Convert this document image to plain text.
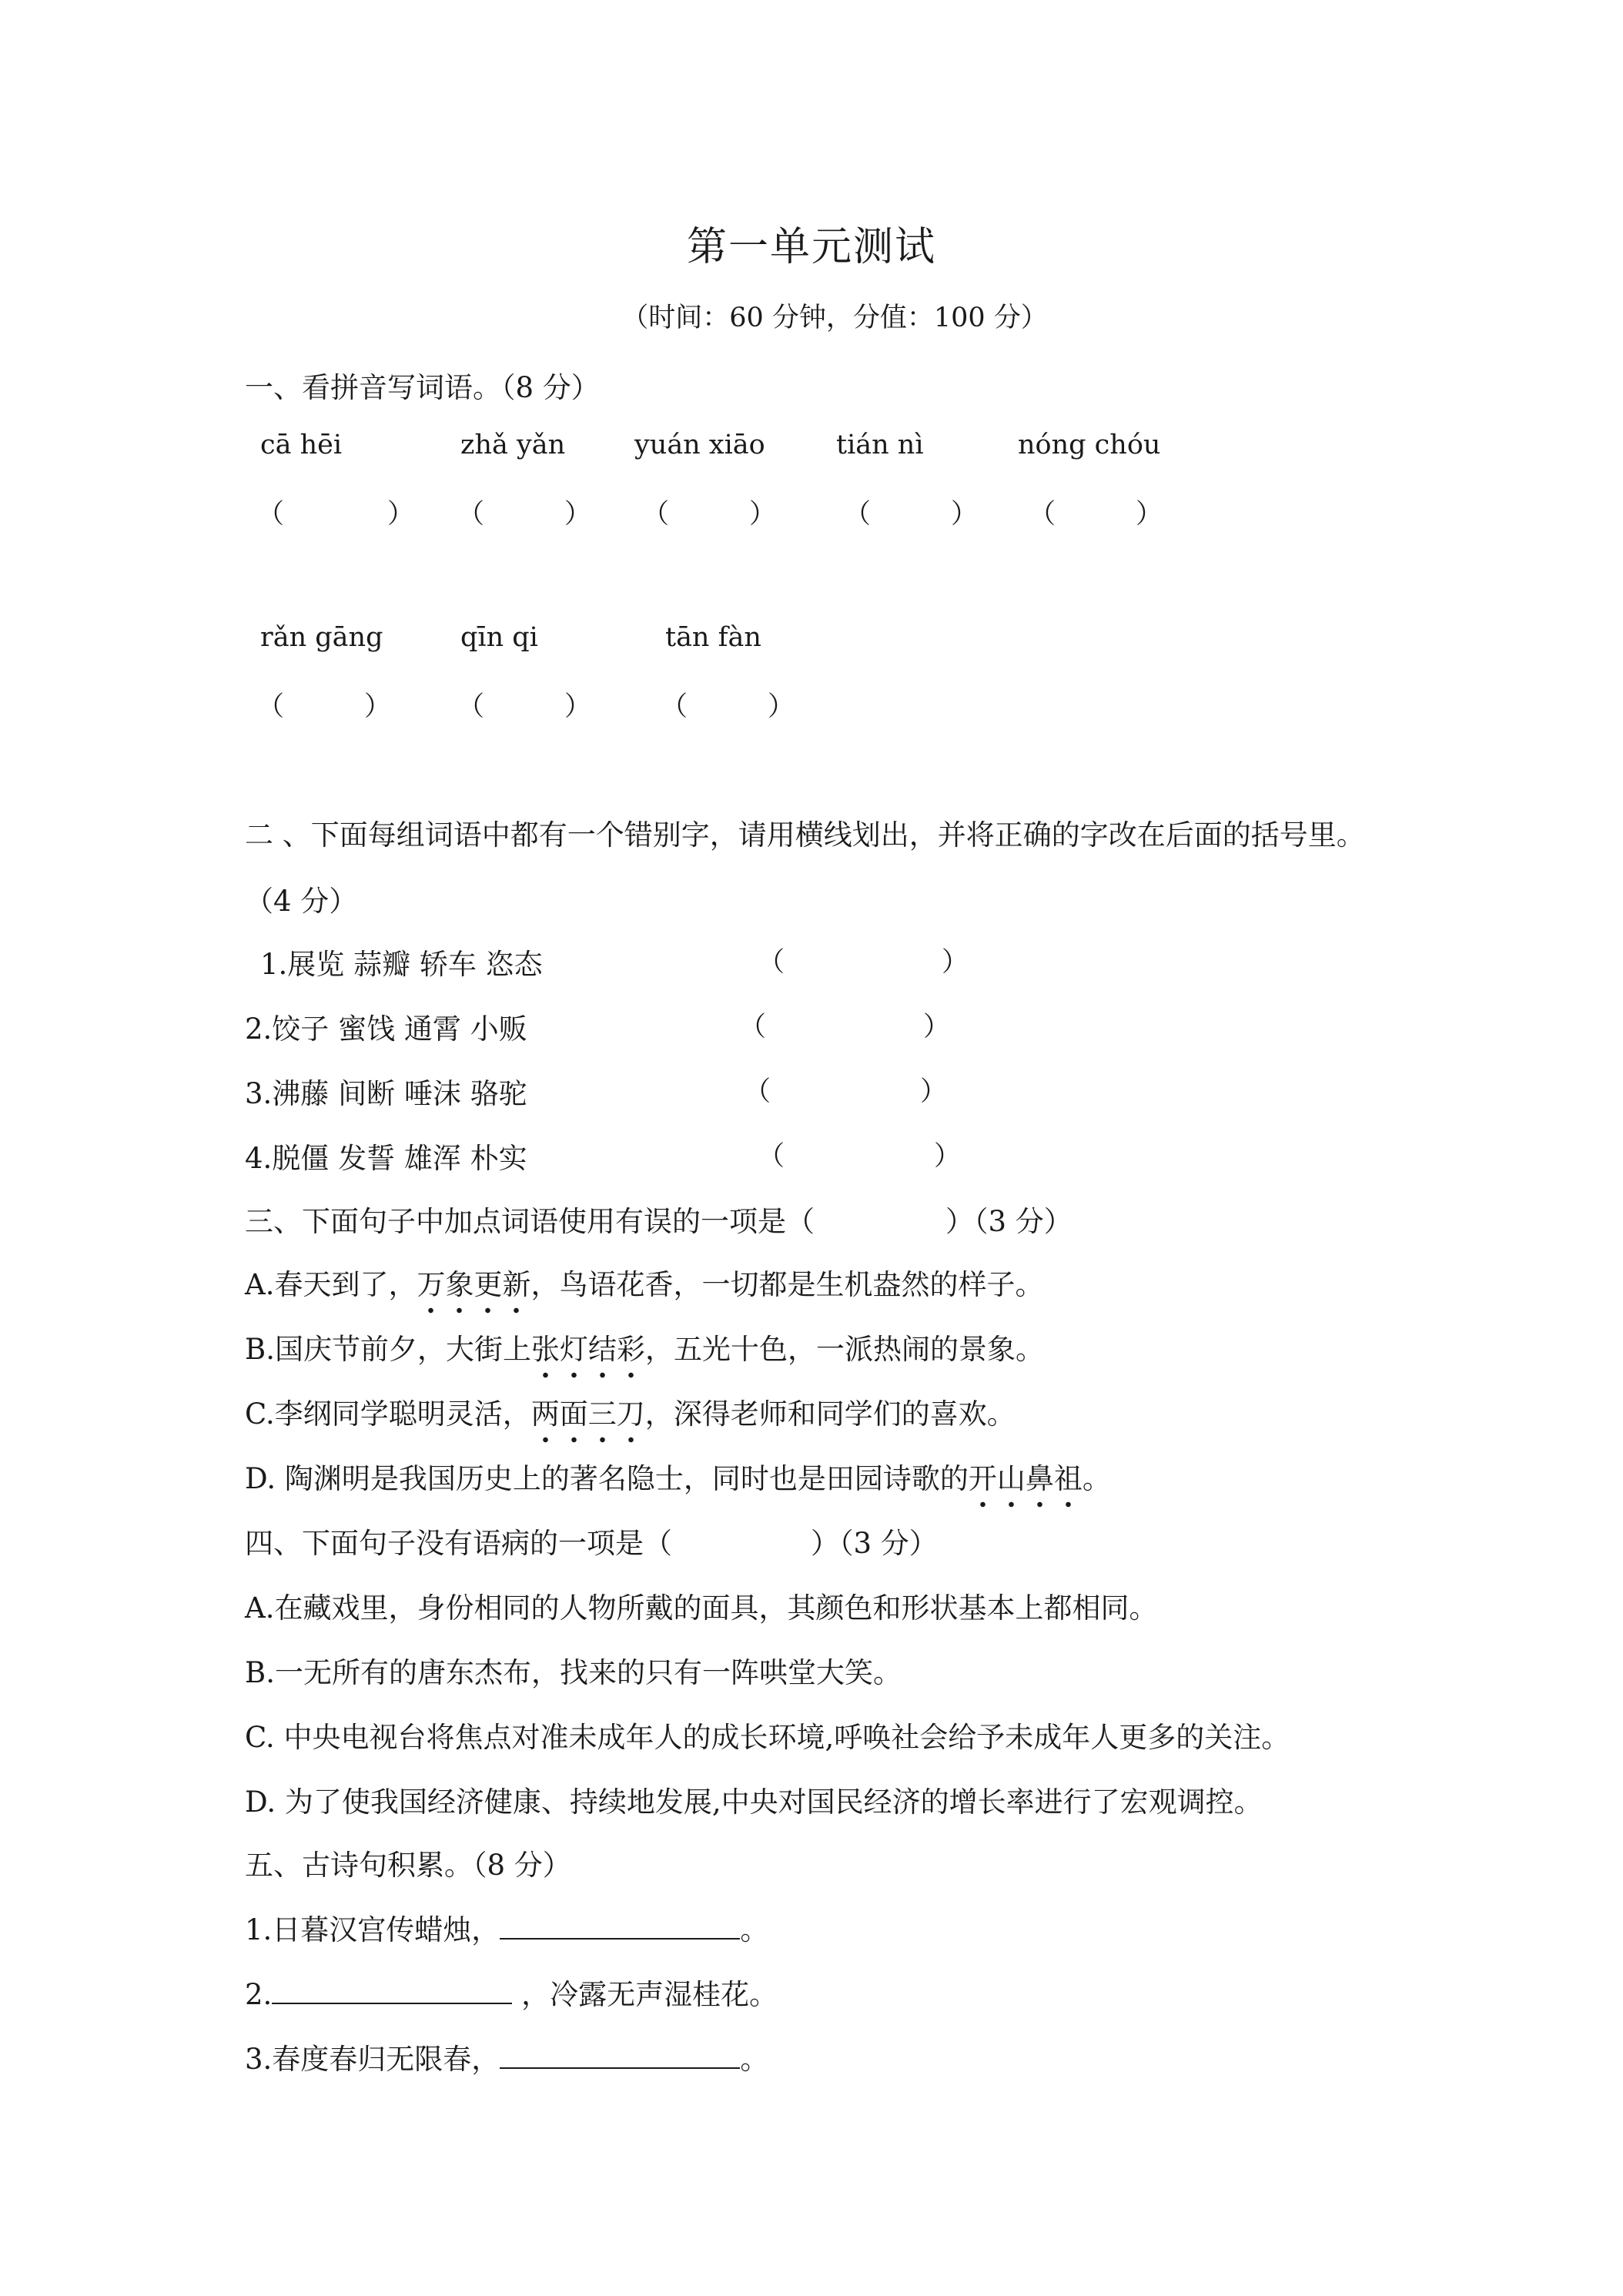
第一单元测试
（时间：60 分钟，分值：100 分）
一、看拼音写词语。（8 分）
cā hēi	zhǎ yǎn	yuán xiāo	tián nì	nóng chóu
（	） （	） （	）	（	） （	）
rǎn gāng	qīn qi	tān fàn
（	） （	）	（	）
二 、下面每组词语中都有一个错别字，请用横线划出，并将正确的字改在后面的括号里。
（4 分）
1.展览 蒜瓣 轿车 恣态	（	）
2.饺子 蜜饯 通霄 小贩	（	）
3.沸藤 间断 唾沫 骆驼	（	）
4.脱僵 发誓 雄浑 朴实	（	）
三、下面句子中加点词语使用有误的一项是（	）（3 分）
A.春天到了，万象更新
，鸟语花香，一切都是生机盎然的样子。
B.国庆节前夕，大街上张灯结彩
，五光十色，一派热闹的景象。
C.李纲同学聪明灵活，两面三刀
，深得老师和同学们的喜欢。
D. 陶渊明是我国历史上的著名隐士，同时也是田园诗歌的开山鼻祖
。
四、下面句子没有语病的一项是（	）（3 分）
A.在藏戏里，身份相同的人物所戴的面具，其颜色和形状基本上都相同。
B.一无所有的唐东杰布，找来的只有一阵哄堂大笑。
C. 中央电视台将焦点对准未成年人的成长环境,呼唤社会给予未成年人更多的关注。
D. 为了使我国经济健康、持续地发展,中央对国民经济的增长率进行了宏观调控。
五、古诗句积累。（8 分）
1.日暮汉宫传蜡烛，	。
2.	，冷露无声湿桂花。
3.春度春归无限春，	。
